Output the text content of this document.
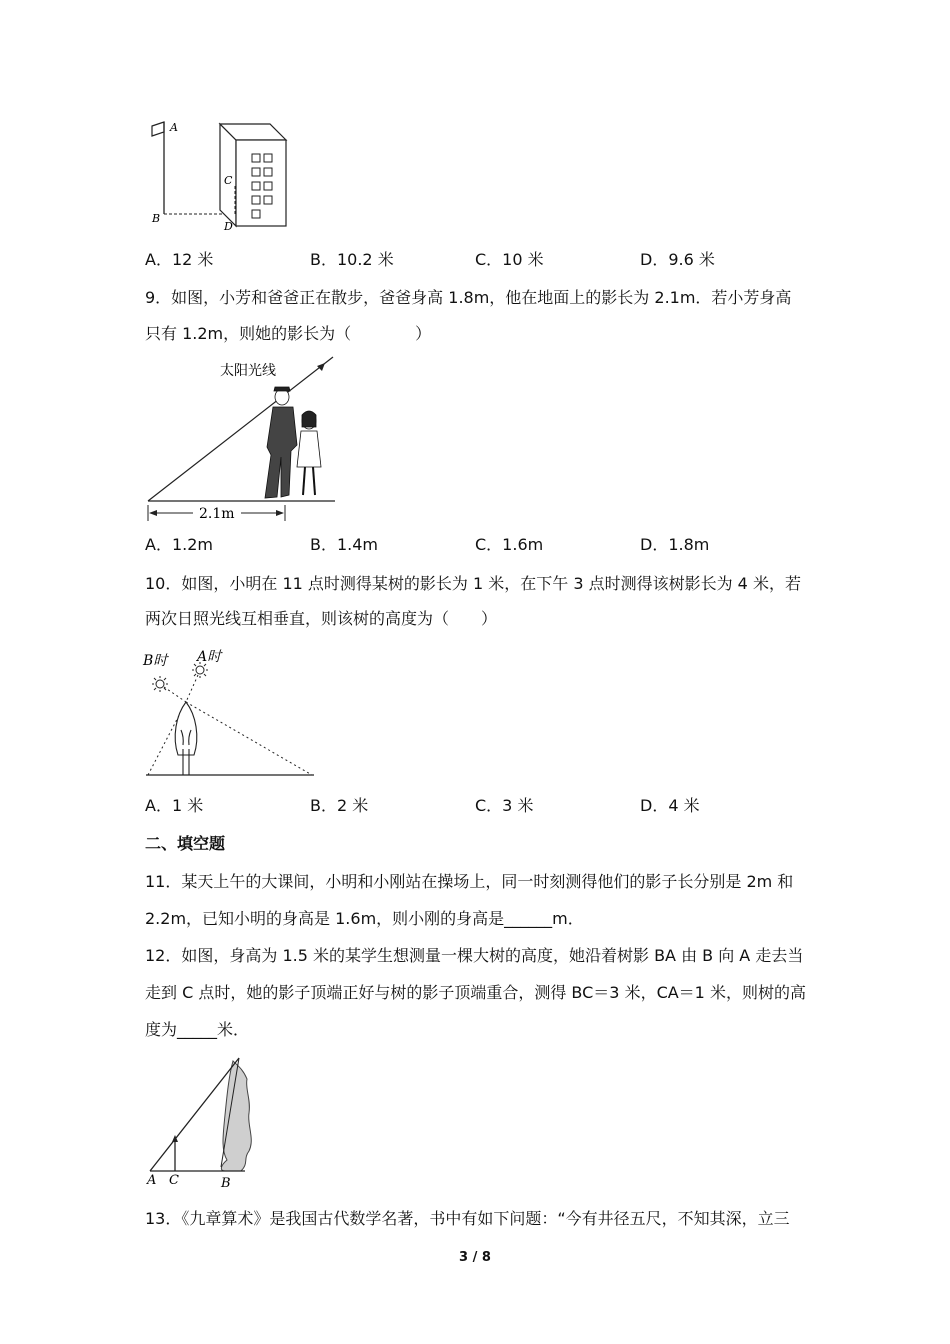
A
B
C
D
A．12 米	B．10.2 米	C．10 米	D．9.6 米
9．如图，小芳和爸爸正在散步，爸爸身高 1.8m，他在地面上的影长为 2.1m．若小芳身高
只有 1.2m，则她的影长为（　　　　）
太阳光线
2.1m
A．1.2m	B．1.4m	C．1.6m	D．1.8m
10．如图，小明在 11 点时测得某树的影长为 1 米，在下午 3 点时测得该树影长为 4 米，若
两次日照光线互相垂直，则该树的高度为（　　）
B时 A时
A．1 米	B．2 米	C．3 米	D．4 米
二、填空题
11．某天上午的大课间，小明和小刚站在操场上，同一时刻测得他们的影子长分别是 2m 和
2.2m，已知小明的身高是 1.6m，则小刚的身高是______m．
12．如图，身高为 1.5 米的某学生想测量一棵大树的高度，她沿着树影 BA 由 B 向 A 走去当
走到 C 点时，她的影子顶端正好与树的影子顶端重合，测得 BC＝3 米，CA＝1 米，则树的高
度为_____米．
A C	B
13．《九章算术》是我国古代数学名著，书中有如下问题：“今有井径五尺，不知其深，立三
3 / 8
